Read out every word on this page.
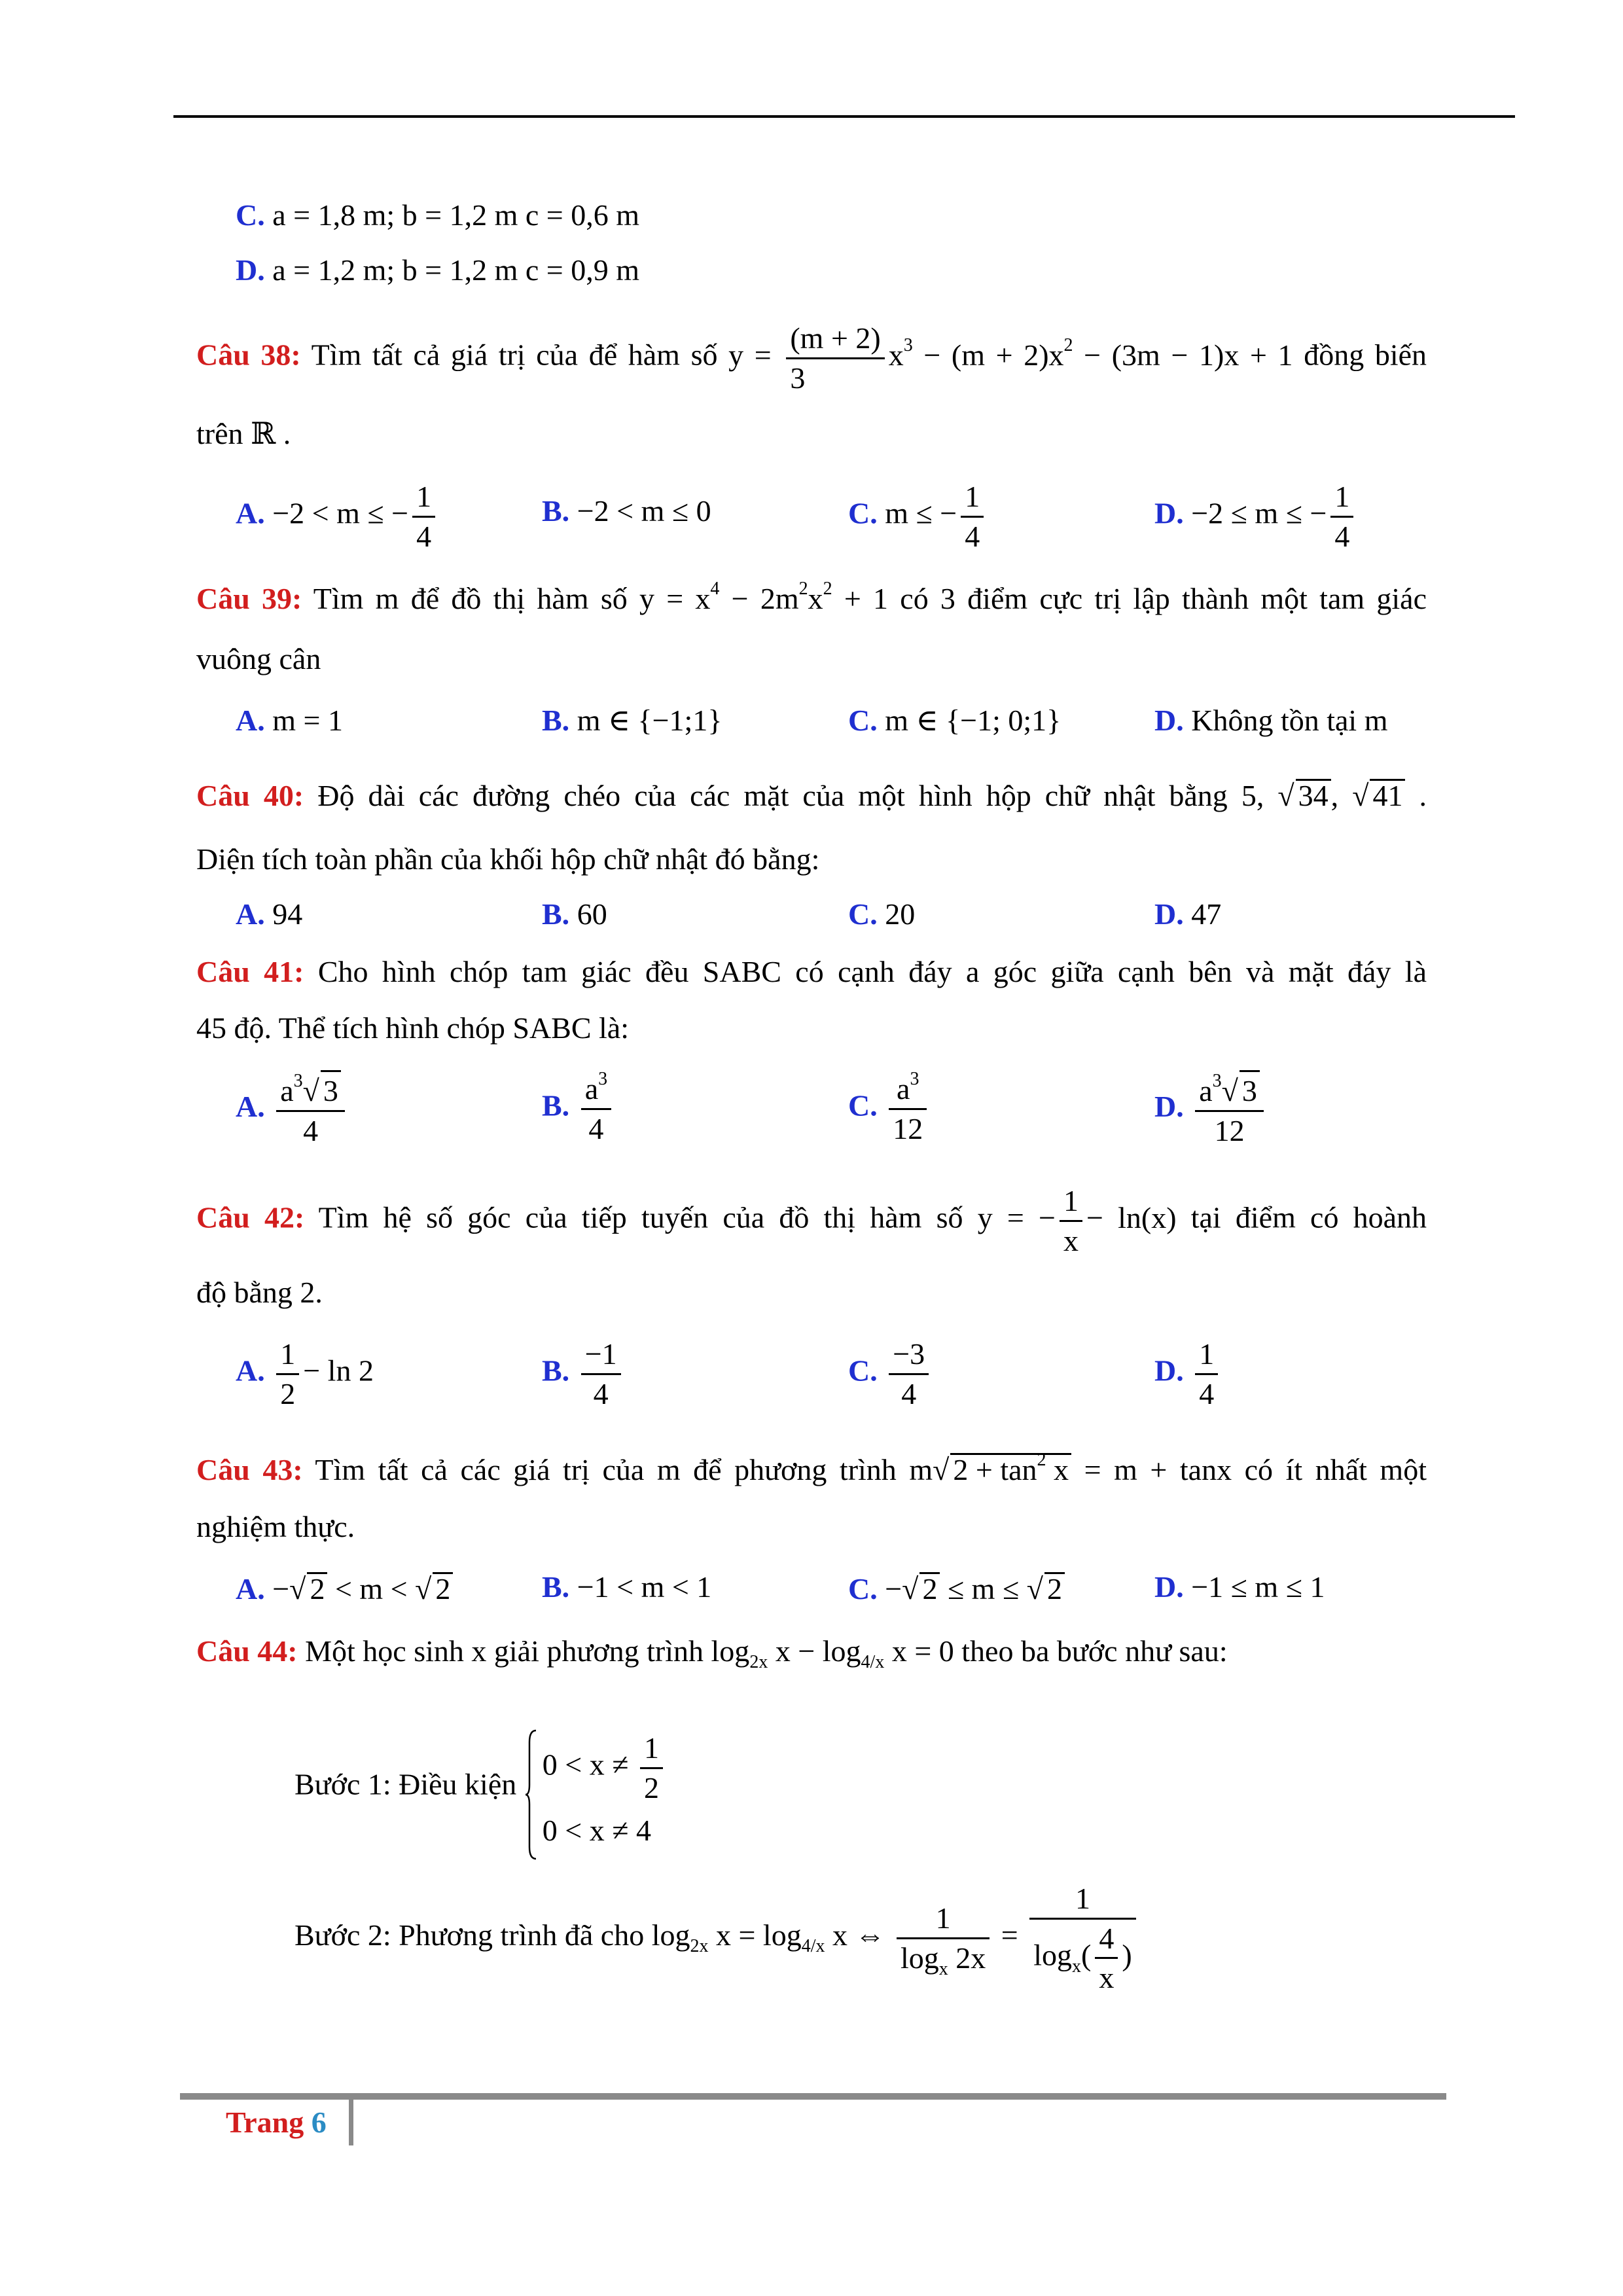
C. a = 1,8 m; b = 1,2 m c = 0,6 m
D. a = 1,2 m; b = 1,2 m c = 0,9 m
Câu 38: Tìm tất cả giá trị của để hàm số $y = \frac{(m + 2)}{3} x^3 - (m + 2)x^2 - (3m - 1)x + 1$ đồng biến
trên ℝ .
A. −2 < m ≤ − $\frac{1}{4}$	B. −2 < m ≤ 0	C. m ≤ − $\frac{1}{4}$	D. −2 ≤ m ≤ − $\frac{1}{4}$
Câu 39: Tìm m để đồ thị hàm số $y = x^4 - 2m^2x^2 + 1$ có 3 điểm cực trị lập thành một tam giác
vuông cân
A. m = 1	B. m ∈ {−1;1}	C. m ∈ {−1; 0;1}	D. Không tồn tại m
Câu 40: Độ dài các đường chéo của các mặt của một hình hộp chữ nhật bằng 5, √ 34, √ 41 .
Diện tích toàn phần của khối hộp chữ nhật đó bằng:
A. 94	B. 60	C. 20	D. 47
Câu 41: Cho hình chóp tam giác đều SABC có cạnh đáy a góc giữa cạnh bên và mặt đáy là
45 độ. Thể tích hình chóp SABC là:
A. $\frac{a^3√ 3}{4}$	B. $\frac{a^3}{4}$	C. $\frac{a^3}{12}$	D. $\frac{a^3√ 3}{12}$
Câu 42: Tìm hệ số góc của tiếp tuyến của đồ thị hàm số y = − $\frac{1}{x} - \ln(x)$ tại điểm có hoành
độ bằng 2.
A. $\frac{1}{2} - \ln 2$	B. $\frac{-1}{4}$	C. $\frac{-3}{4}$	D. $\frac{1}{4}$
Câu 43: Tìm tất cả các giá trị của m để phương trình m√ $2 + \tan^2 x = m + \tan x$ có ít nhất một
nghiệm thực.
A. −√ 2 < m < √ 2	B. −1 < m < 1	C. −√ 2 ≤ m ≤ √ 2	D. −1 ≤ m ≤ 1
Câu 44: Một học sinh x giải phương trình $\log_{2x} x - \log_{4/x} x = 0$ theo ba bước như sau:
Bước 1: Điều kiện
$0 < x \ne \frac{1}{2}$
0 < x ≠ 4
Bước 2: Phương trình đã cho $\log_{2x} x = \log_{4/x} x$ ⇔ $\frac{1}{\log_x 2x} = \frac{1}{\log_x( \frac{4}{x} )}$
Trang 6
